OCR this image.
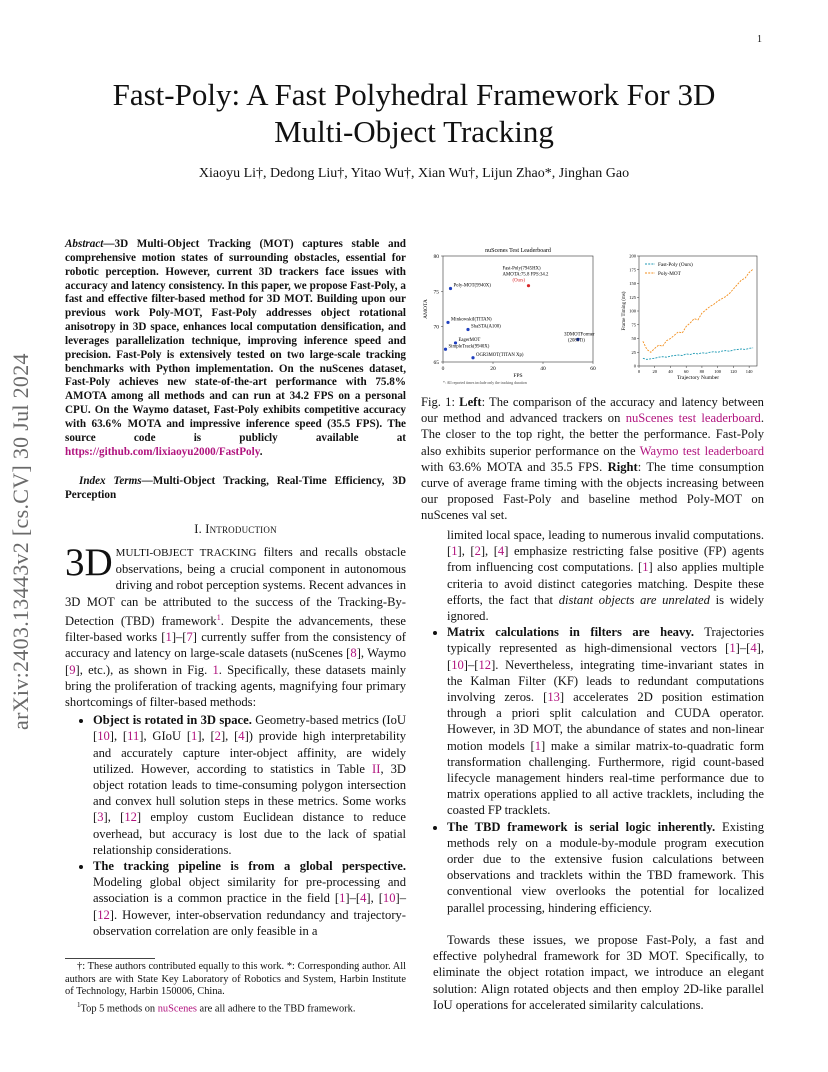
1
arXiv:2403.13443v2 [cs.CV] 30 Jul 2024
Fast-Poly: A Fast Polyhedral Framework For 3D
Multi-Object Tracking
Xiaoyu Li†, Dedong Liu†, Yitao Wu†, Xian Wu†, Lijun Zhao*, Jinghan Gao
Abstract—3D Multi-Object Tracking (MOT) captures stable and comprehensive motion states of surrounding obstacles, essential for robotic perception. However, current 3D trackers face issues with accuracy and latency consistency. In this paper, we propose Fast-Poly, a fast and effective filter-based method for 3D MOT. Building upon our previous work Poly-MOT, Fast-Poly addresses object rotational anisotropy in 3D space, enhances local computation densification, and leverages parallelization technique, improving inference speed and precision. Fast-Poly is extensively tested on two large-scale tracking benchmarks with Python implementation. On the nuScenes dataset, Fast-Poly achieves new state-of-the-art performance with 75.8% AMOTA among all methods and can run at 34.2 FPS on a personal CPU. On the Waymo dataset, Fast-Poly exhibits competitive accuracy with 63.6% MOTA and impressive inference speed (35.5 FPS). The source code is publicly available at https://github.com/lixiaoyu2000/FastPoly.
Index Terms—Multi-Object Tracking, Real-Time Efficiency, 3D Perception
I. Introduction
3D MULTI-OBJECT TRACKING filters and recalls obstacle observations, being a crucial component in autonomous driving and robot perception systems. Recent advances in 3D MOT can be attributed to the success of the Tracking-By-Detection (TBD) framework$^1$. Despite the advancements, these filter-based works [1]–[7] currently suffer from the consistency of accuracy and latency on large-scale datasets (nuScenes [8], Waymo [9], etc.), as shown in Fig. 1. Specifically, these datasets mainly bring the proliferation of tracking agents, magnifying four primary shortcomings of filter-based methods:
• Object is rotated in 3D space. Geometry-based metrics (IoU [10], [11], GIoU [1], [2], [4]) provide high interpretability and accurately capture inter-object affinity, are widely utilized. However, according to statistics in Table II, 3D object rotation leads to time-consuming polygon intersection and convex hull solution steps in these metrics. Some works [3], [12] employ custom Euclidean distance to reduce overhead, but accuracy is lost due to the lack of spatial relationship considerations.
• The tracking pipeline is from a global perspective. Modeling global object similarity for pre-processing and association is a common practice in the field [1]–[4], [10]–[12]. However, inter-observation redundancy and trajectory-observation correlation are only feasible in a
†: These authors contributed equally to this work. *: Corresponding author. All authors are with State Key Laboratory of Robotics and System, Harbin Institute of Technology, Harbin 150006, China.
$^1$Top 5 methods on nuScenes are all adhere to the TBD framework.
nuScenes Test Leaderboard
0	20	40	60
65
70
75
80
FPS
AMOTA
Fast-Poly(7945HX)
AMOTA:75.8 FPS:34.2
(Ours)
Poly-MOT(9940X)
MinkowskiI(TITAN)
ShaSTA(A100)
EagerMOT
SimpleTrack(9940X)
3DMOTFormer
(2080Ti)
OGR3MOT(TITAN Xp)
*: All reported times include only the tracking duration
0	20 40 60 80 100 120 140
0
25
50
75
100
125
150
175
200
Trajectory Number
Frame Timing (ms)
Fast-Poly (Ours)
Poly-MOT
Fig. 1: Left: The comparison of the accuracy and latency between our method and advanced trackers on nuScenes test leaderboard. The closer to the top right, the better the performance. Fast-Poly also exhibits superior performance on the Waymo test leaderboard with 63.6% MOTA and 35.5 FPS. Right: The time consumption curve of average frame timing with the objects increasing between our proposed Fast-Poly and baseline method Poly-MOT on nuScenes val set.
limited local space, leading to numerous invalid computations. [1], [2], [4] emphasize restricting false positive (FP) agents from influencing cost computations. [1] also applies multiple criteria to avoid distinct categories matching. Despite these efforts, the fact that distant objects are unrelated is widely ignored.
• Matrix calculations in filters are heavy. Trajectories typically represented as high-dimensional vectors [1]–[4], [10]–[12]. Nevertheless, integrating time-invariant states in the Kalman Filter (KF) leads to redundant computations involving zeros. [13] accelerates 2D position estimation through a priori split calculation and CUDA operator. However, in 3D MOT, the abundance of states and non-linear motion models [1] make a similar matrix-to-quadratic form transformation challenging. Furthermore, rigid count-based lifecycle management hinders real-time performance due to matrix operations applied to all active tracklets, including the coasted FP tracklets.
• The TBD framework is serial logic inherently. Existing methods rely on a module-by-module program execution order due to the extensive fusion calculations between observations and tracklets within the TBD framework. This conventional view overlooks the potential for localized parallel processing, hindering efficiency.
Towards these issues, we propose Fast-Poly, a fast and effective polyhedral framework for 3D MOT. Specifically, to eliminate the object rotation impact, we introduce an elegant solution: Align rotated objects and then employ 2D-like parallel IoU operations for accelerated similarity calculations.
